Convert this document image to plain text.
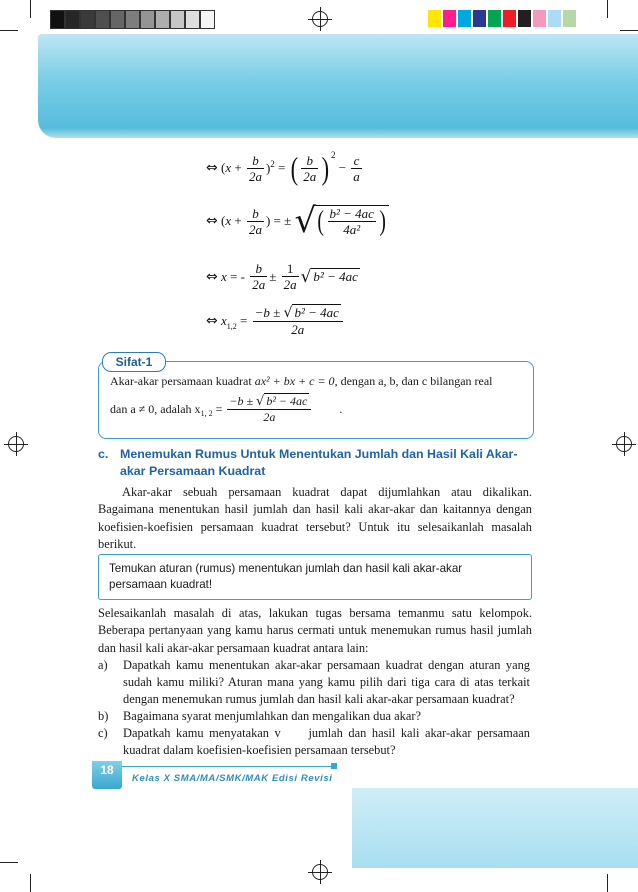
⇔ ( $x + \frac{b}{2a} )^2$ =
( $\frac{b}{2a} )^2$

−
$\frac{c}{a}$
⇔ ( $x + \frac{b}{2a}$ ) = ±
√ ( $\frac{\text{b² − 4ac}}{\text{4a²}}$ )
⇔
x
= -
$\frac{b}{2a}$ ±
$\frac{1}{2a}$ √ b² − 4ac
⇔
$x_{1,2} = \frac{\text{−b ± √ b² − 4ac}}{2a}$
Sifat-1
Akar-akar persamaan kuadrat ax² + bx + c = 0, dengan a, b, dan c bilangan real
dan a ≠ 0, adalah $x_{1, 2} = \frac{\text{−b ± √ b² − 4ac}}{2a}$ .
c. Menemukan Rumus Untuk Menentukan Jumlah dan Hasil Kali Akar-
akar Persamaan Kuadrat
Akar-akar sebuah persamaan kuadrat dapat dijumlahkan atau dikalikan. Bagaimana menentukan hasil jumlah dan hasil kali akar-akar dan kaitannya dengan koefisien-koefisien persamaan kuadrat tersebut? Untuk itu selesaikanlah masalah berikut.
Temukan aturan (rumus) menentukan jumlah dan hasil kali akar-akar persamaan kuadrat!
Selesaikanlah masalah di atas, lakukan tugas bersama temanmu satu kelompok. Beberapa pertanyaan yang kamu harus cermati untuk menemukan rumus hasil jumlah dan hasil kali akar-akar persamaan kuadrat antara lain:
a) Dapatkah kamu menentukan akar-akar persamaan kuadrat dengan aturan yang sudah kamu miliki? Aturan mana yang kamu pilih dari tiga cara di atas terkait dengan menemukan rumus jumlah dan hasil kali akar-akar persamaan kuadrat?
b) Bagaimana syarat menjumlahkan dan mengalikan dua akar?
c) Dapatkah kamu menyatakan v     jumlah dan hasil kali akar-akar persamaan kuadrat dalam koefisien-koefisien persamaan tersebut?
18
Kelas X SMA/MA/SMK/MAK Edisi Revisi
